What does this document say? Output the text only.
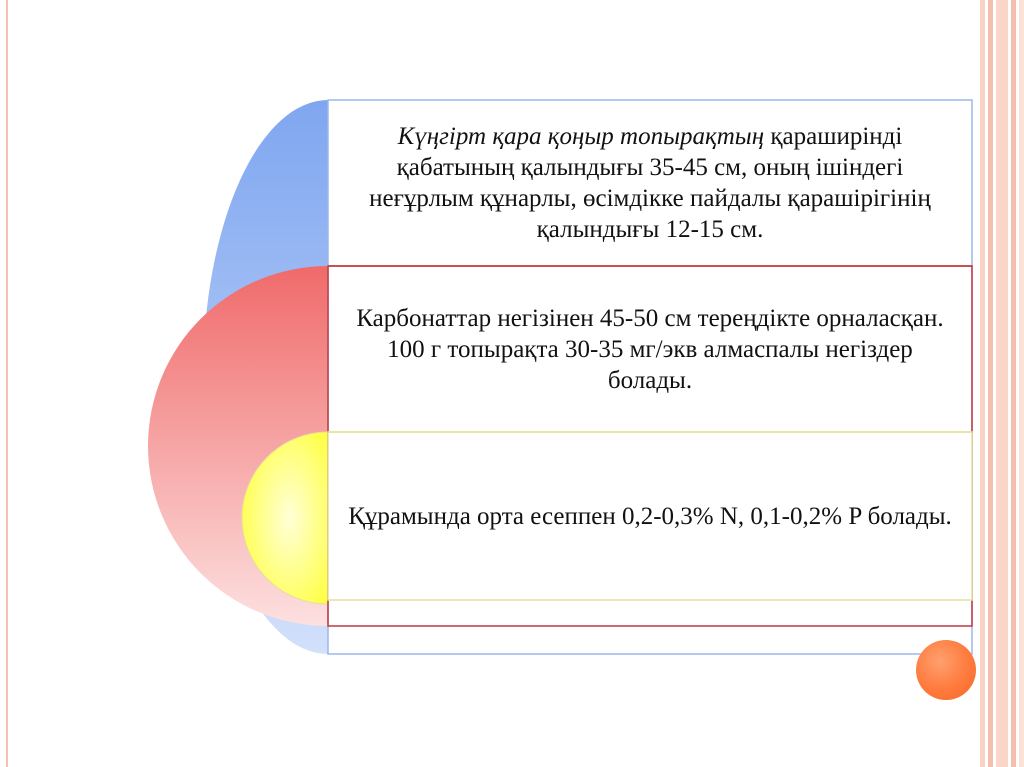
Күңгірт қара қоңыр топырақтың қараширінді қабатының қалындығы 35-45 см, оның ішіндегі неғұрлым құнарлы, өсімдікке пайдалы қарашірігінің қалындығы 12-15 см.
Карбонаттар негізінен 45-50 см тереңдікте орналасқан. 100 г топырақта 30-35 мг/экв алмаспалы негіздер болады.
Құрамында орта есеппен 0,2-0,3% N, 0,1-0,2% P болады.
